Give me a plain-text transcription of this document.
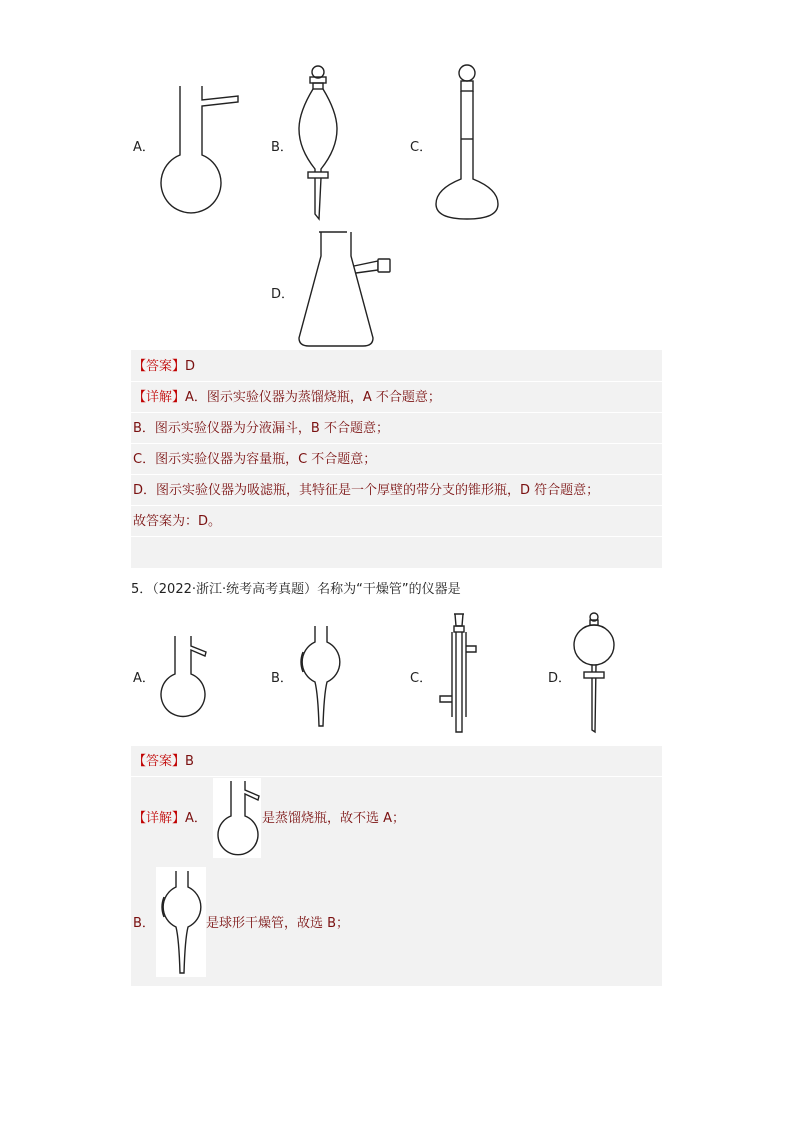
A．	B．	C．
D．
【答案】D
【详解】A．图示实验仪器为蒸馏烧瓶，A 不合题意；
B．图示实验仪器为分液漏斗，B 不合题意；
C．图示实验仪器为容量瓶，C 不合题意；
D．图示实验仪器为吸滤瓶，其特征是一个厚壁的带分支的锥形瓶，D 符合题意；
故答案为：D。
5．（2022·浙江·统考高考真题）名称为“干燥管”的仪器是
A．	B．	C．	D．
【答案】B
【详解】A．	是蒸馏烧瓶，故不选 A；
B．	是球形干燥管，故选 B；
